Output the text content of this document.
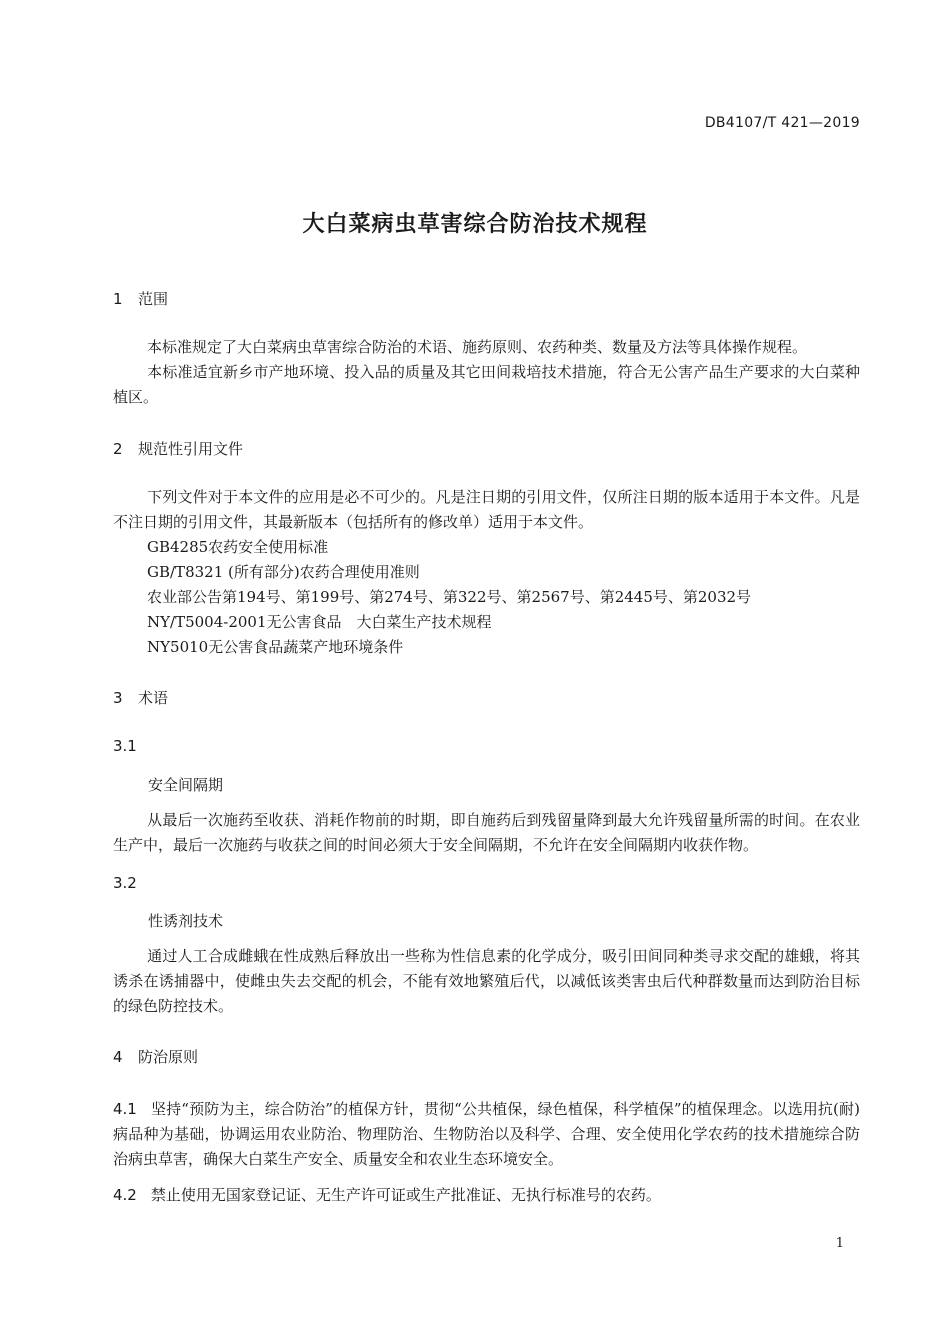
DB4107/T 421—2019
大白菜病虫草害综合防治技术规程
1 范围
本标准规定了大白菜病虫草害综合防治的术语、施药原则、农药种类、数量及方法等具体操作规程。
本标准适宜新乡市产地环境、投入品的质量及其它田间栽培技术措施，符合无公害产品生产要求的大白菜种植区。
2 规范性引用文件
下列文件对于本文件的应用是必不可少的。凡是注日期的引用文件，仅所注日期的版本适用于本文件。凡是不注日期的引用文件，其最新版本（包括所有的修改单）适用于本文件。
GB4285农药安全使用标准
GB/T8321 (所有部分)农药合理使用准则
农业部公告第194号、第199号、第274号、第322号、第2567号、第2445号、第2032号
NY/T5004-2001无公害食品　大白菜生产技术规程
NY5010无公害食品蔬菜产地环境条件
3 术语
3.1
安全间隔期
从最后一次施药至收获、消耗作物前的时期，即自施药后到残留量降到最大允许残留量所需的时间。在农业生产中，最后一次施药与收获之间的时间必须大于安全间隔期，不允许在安全间隔期内收获作物。
3.2
性诱剂技术
通过人工合成雌蛾在性成熟后释放出一些称为性信息素的化学成分，吸引田间同种类寻求交配的雄蛾，将其诱杀在诱捕器中，使雌虫失去交配的机会，不能有效地繁殖后代，以减低该类害虫后代种群数量而达到防治目标的绿色防控技术。
4 防治原则
4.1 坚持“预防为主，综合防治”的植保方针，贯彻“公共植保，绿色植保，科学植保”的植保理念。以选用抗(耐)病品种为基础，协调运用农业防治、物理防治、生物防治以及科学、合理、安全使用化学农药的技术措施综合防治病虫草害，确保大白菜生产安全、质量安全和农业生态环境安全。
4.2 禁止使用无国家登记证、无生产许可证或生产批准证、无执行标准号的农药。
1
